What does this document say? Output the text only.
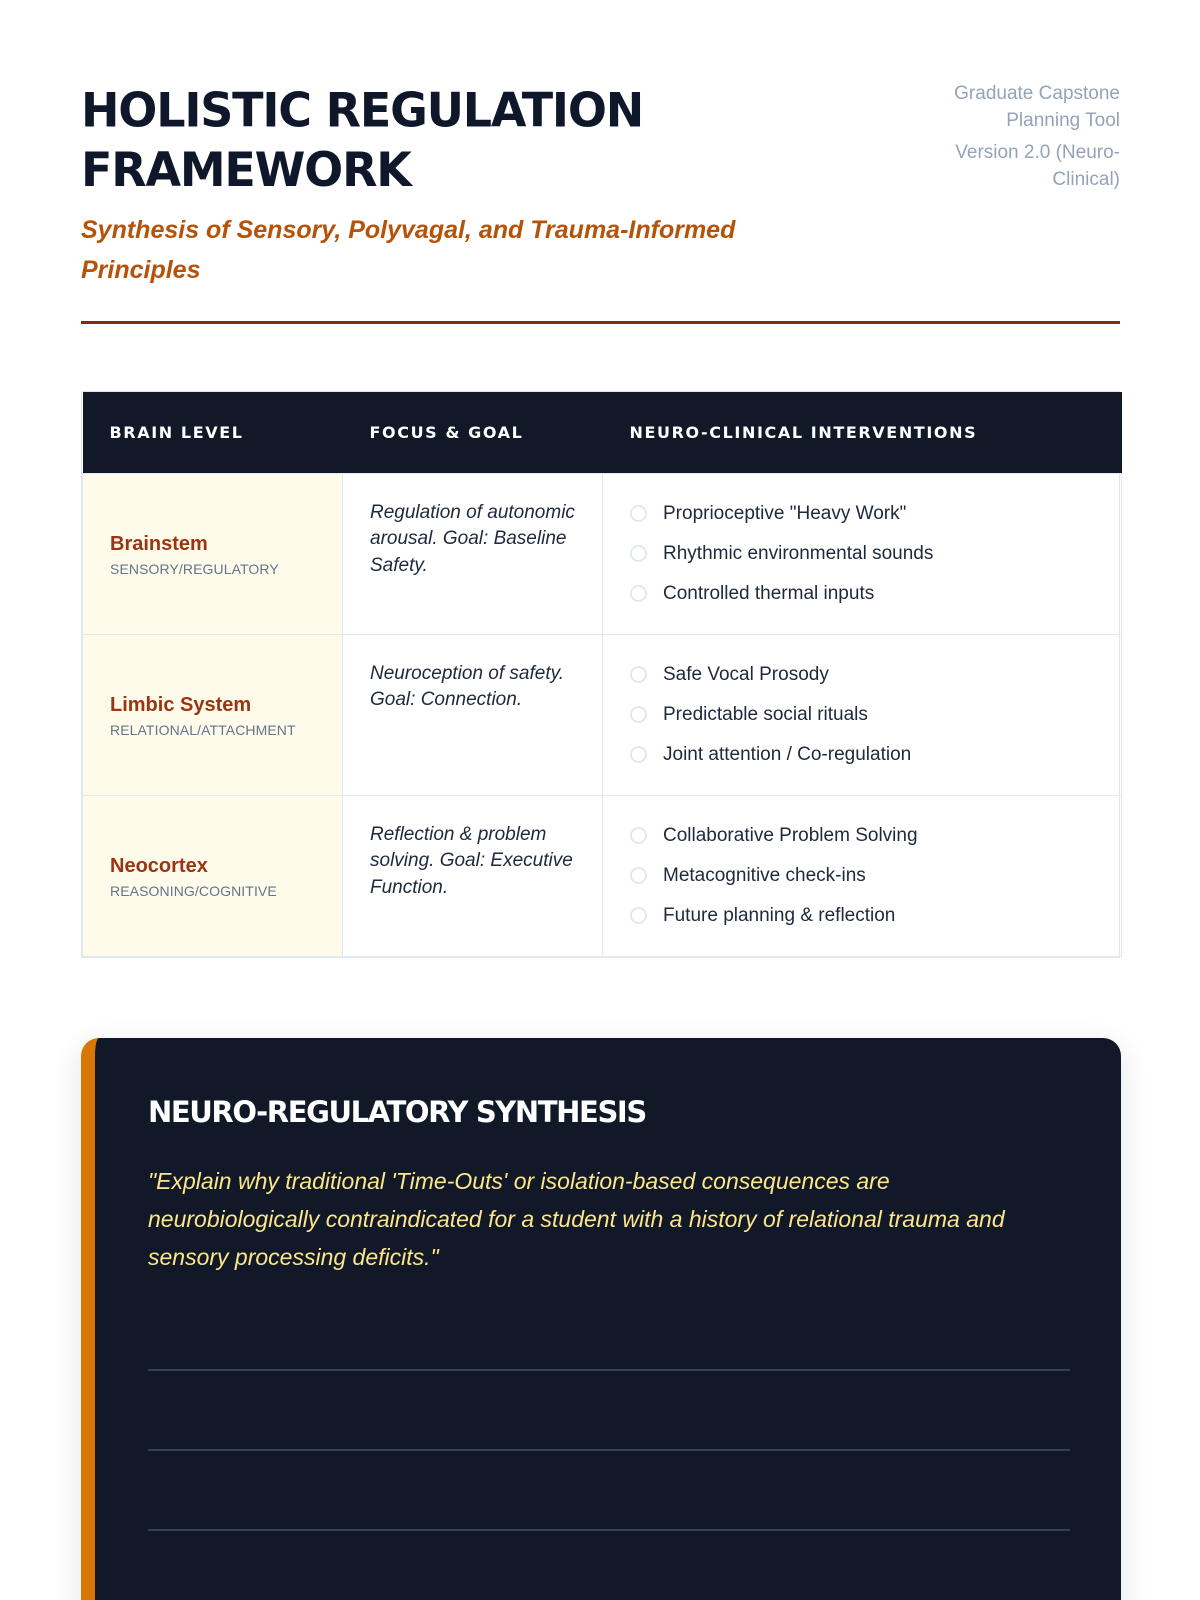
HOLISTIC REGULATION
FRAMEWORK
Synthesis of Sensory, Polyvagal, and Trauma-Informed Principles
Graduate Capstone Planning Tool
Version 2.0 (Neuro-Clinical)
BRAIN LEVEL	FOCUS & GOAL	NEURO-CLINICAL INTERVENTIONS

Brainstem
SENSORY/REGULATORY
	Regulation of autonomic arousal. Goal: Baseline Safety.	
Proprioceptive "Heavy Work"
Rhythmic environmental sounds
Controlled thermal inputs

Limbic System
RELATIONAL/ATTACHMENT
	Neuroception of safety. Goal: Connection.	
Safe Vocal Prosody
Predictable social rituals
Joint attention / Co-regulation

Neocortex
REASONING/COGNITIVE
	Reflection & problem solving. Goal: Executive Function.	
Collaborative Problem Solving
Metacognitive check-ins
Future planning & reflection
NEURO-REGULATORY SYNTHESIS

"Explain why traditional 'Time-Outs' or isolation-based consequences are neurobiologically contraindicated for a student with a history of relational trauma and sensory processing deficits."
